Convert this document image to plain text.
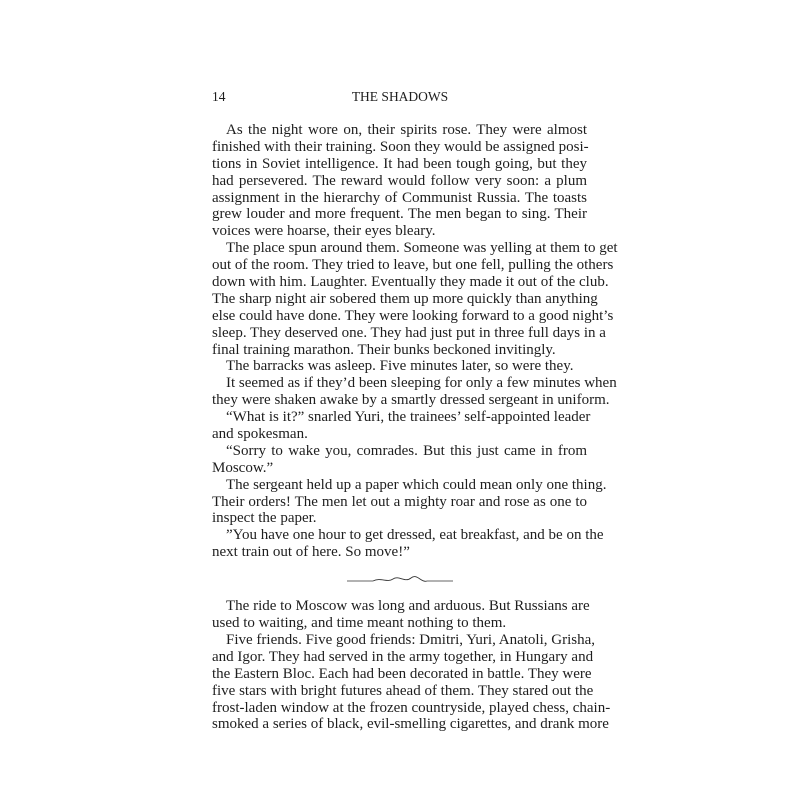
14	THE SHADOWS
As the night wore on, their spirits rose. They were almost
finished with their training. Soon they would be assigned posi-
tions in Soviet intelligence. It had been tough going, but they
had persevered. The reward would follow very soon: a plum
assignment in the hierarchy of Communist Russia. The toasts
grew louder and more frequent. The men began to sing. Their
voices were hoarse, their eyes bleary.
The place spun around them. Someone was yelling at them to get
out of the room. They tried to leave, but one fell, pulling the others
down with him. Laughter. Eventually they made it out of the club.
The sharp night air sobered them up more quickly than anything
else could have done. They were looking forward to a good night’s
sleep. They deserved one. They had just put in three full days in a
final training marathon. Their bunks beckoned invitingly.
The barracks was asleep. Five minutes later, so were they.
It seemed as if they’d been sleeping for only a few minutes when
they were shaken awake by a smartly dressed sergeant in uniform.
“What is it?” snarled Yuri, the trainees’ self-appointed leader
and spokesman.
“Sorry to wake you, comrades. But this just came in from
Moscow.”
The sergeant held up a paper which could mean only one thing.
Their orders! The men let out a mighty roar and rose as one to
inspect the paper.
”You have one hour to get dressed, eat breakfast, and be on the
next train out of here. So move!”
The ride to Moscow was long and arduous. But Russians are
used to waiting, and time meant nothing to them.
Five friends. Five good friends: Dmitri, Yuri, Anatoli, Grisha,
and Igor. They had served in the army together, in Hungary and
the Eastern Bloc. Each had been decorated in battle. They were
five stars with bright futures ahead of them. They stared out the
frost-laden window at the frozen countryside, played chess, chain-
smoked a series of black, evil-smelling cigarettes, and drank more
